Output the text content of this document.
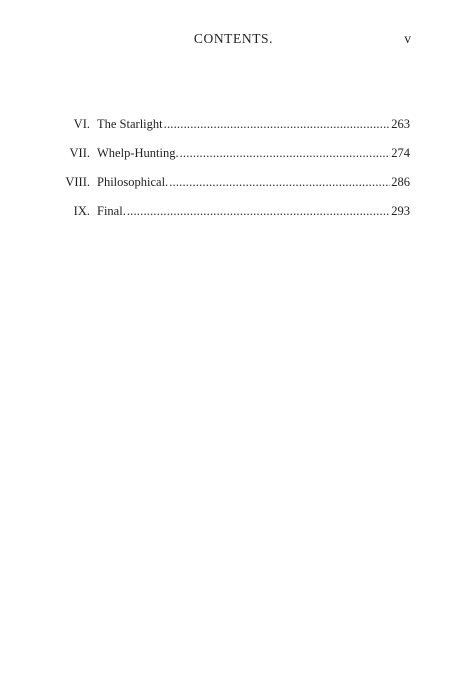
CONTENTS.	v
VI. The Starlight .....	263
VII. Whelp-Hunting. .....	274
VIII. Philosophical. .....	286
IX. Final. .....	293
